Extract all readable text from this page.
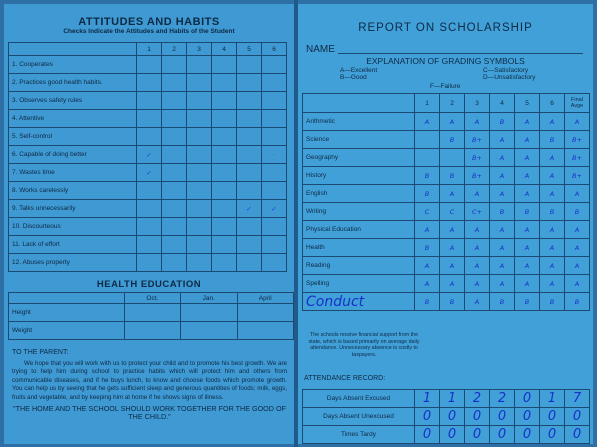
ATTITUDES AND HABITS
Checks Indicate the Attitudes and Habits of the Student
	1	2	3	4	5	6
1. Cooperates						
2. Practices good health habits.						
3. Observes safety rules						
4. Attentive						
5. Self-control						
6. Capable of doing better	✓					·
7. Wastes time	✓					
8. Works carelessly						
9. Talks unnecessarily					✓	✓
10. Discourteous						
11. Lack of effort						
12. Abuses property						
HEALTH EDUCATION
	Oct.	Jan.	April
Height			
Weight			
TO THE PARENT:

We hope that you will work with us to protect your child and to promote his best growth. We are trying to help him during school to practice habits which will protect him and others from communicable diseases, and if he buys lunch, to know and choose foods which promote growth. You can help us by seeing that he gets sufficient sleep and generous quantities of foods: milk, eggs, fruits and vegetable, and by keeping him at home if he shows signs of illness.

"THE HOME AND THE SCHOOL SHOULD WORK TOGETHER FOR THE GOOD OF THE CHILD."
REPORT ON SCHOLARSHIP
NAME
EXPLANATION OF GRADING SYMBOLS
A—Excellent
B—Good
C—Satisfactory
D—Unsatisfactory
F—Failure
	1	2	3	4	5	6	Final Avge
Arithmetic	A	A	A	B	A	A	A
Science		B	B+	A	A	B	B+
Geography			B+	A	A	A	B+
History	B	B	B+	A	A	A	B+
English	B	A	A	A	A	A	A
Writing	C	C	C+	B	B	B	B
Physical Education	A	A	A	A	A	A	A
Health	B	A	A	A	A	A	A
Reading	A	A	A	A	A	A	A
Spelling	A	A	A	A	A	A	A
Conduct	B	B	A	B	B	B	B
The schools receive financial support from the state, which is based primarily on average daily attendance. Unnecessary absence is costly to taxpayers.
ATTENDANCE RECORD:
Days Absent Excused	1	1	2	2	0	1	7
Days Absent Unexcused	0	0	0	0	0	0	0
Times Tardy	0	0	0	0	0	0	0
